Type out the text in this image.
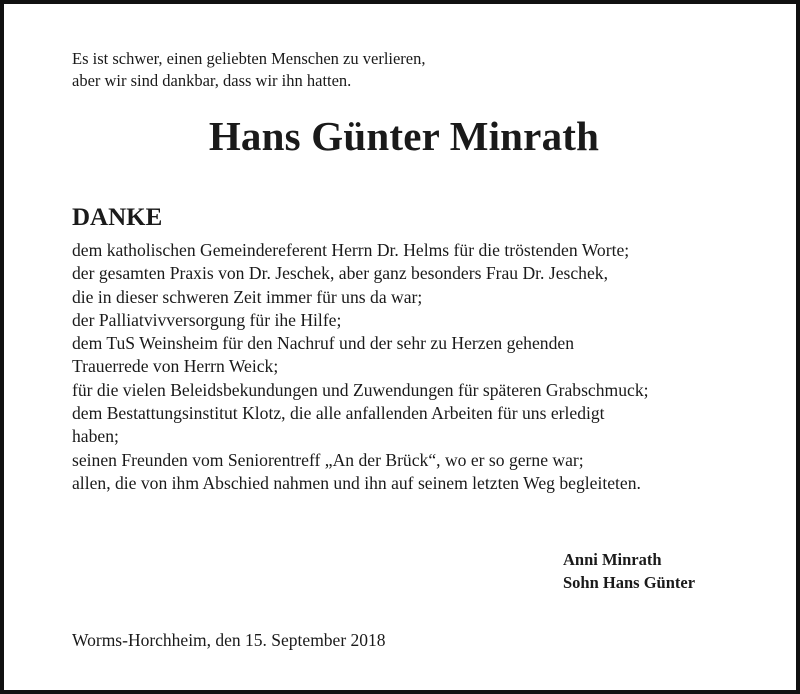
Es ist schwer, einen geliebten Menschen zu verlieren,
aber wir sind dankbar, dass wir ihn hatten.
Hans Günter Minrath
DANKE
dem katholischen Gemeindereferent Herrn Dr. Helms für die tröstenden Worte;
der gesamten Praxis von Dr. Jeschek, aber ganz besonders Frau Dr. Jeschek,
die in dieser schweren Zeit immer für uns da war;
der Palliatvivversorgung für ihe Hilfe;
dem TuS Weinsheim für den Nachruf und der sehr zu Herzen gehenden
Trauerrede von Herrn Weick;
für die vielen Beleidsbekundungen und Zuwendungen für späteren Grabschmuck;
dem Bestattungsinstitut Klotz, die alle anfallenden Arbeiten für uns erledigt
haben;
seinen Freunden vom Seniorentreff „An der Brück“, wo er so gerne war;
allen, die von ihm Abschied nahmen und ihn auf seinem letzten Weg begleiteten.
Anni Minrath
Sohn Hans Günter
Worms-Horchheim, den 15. September 2018
